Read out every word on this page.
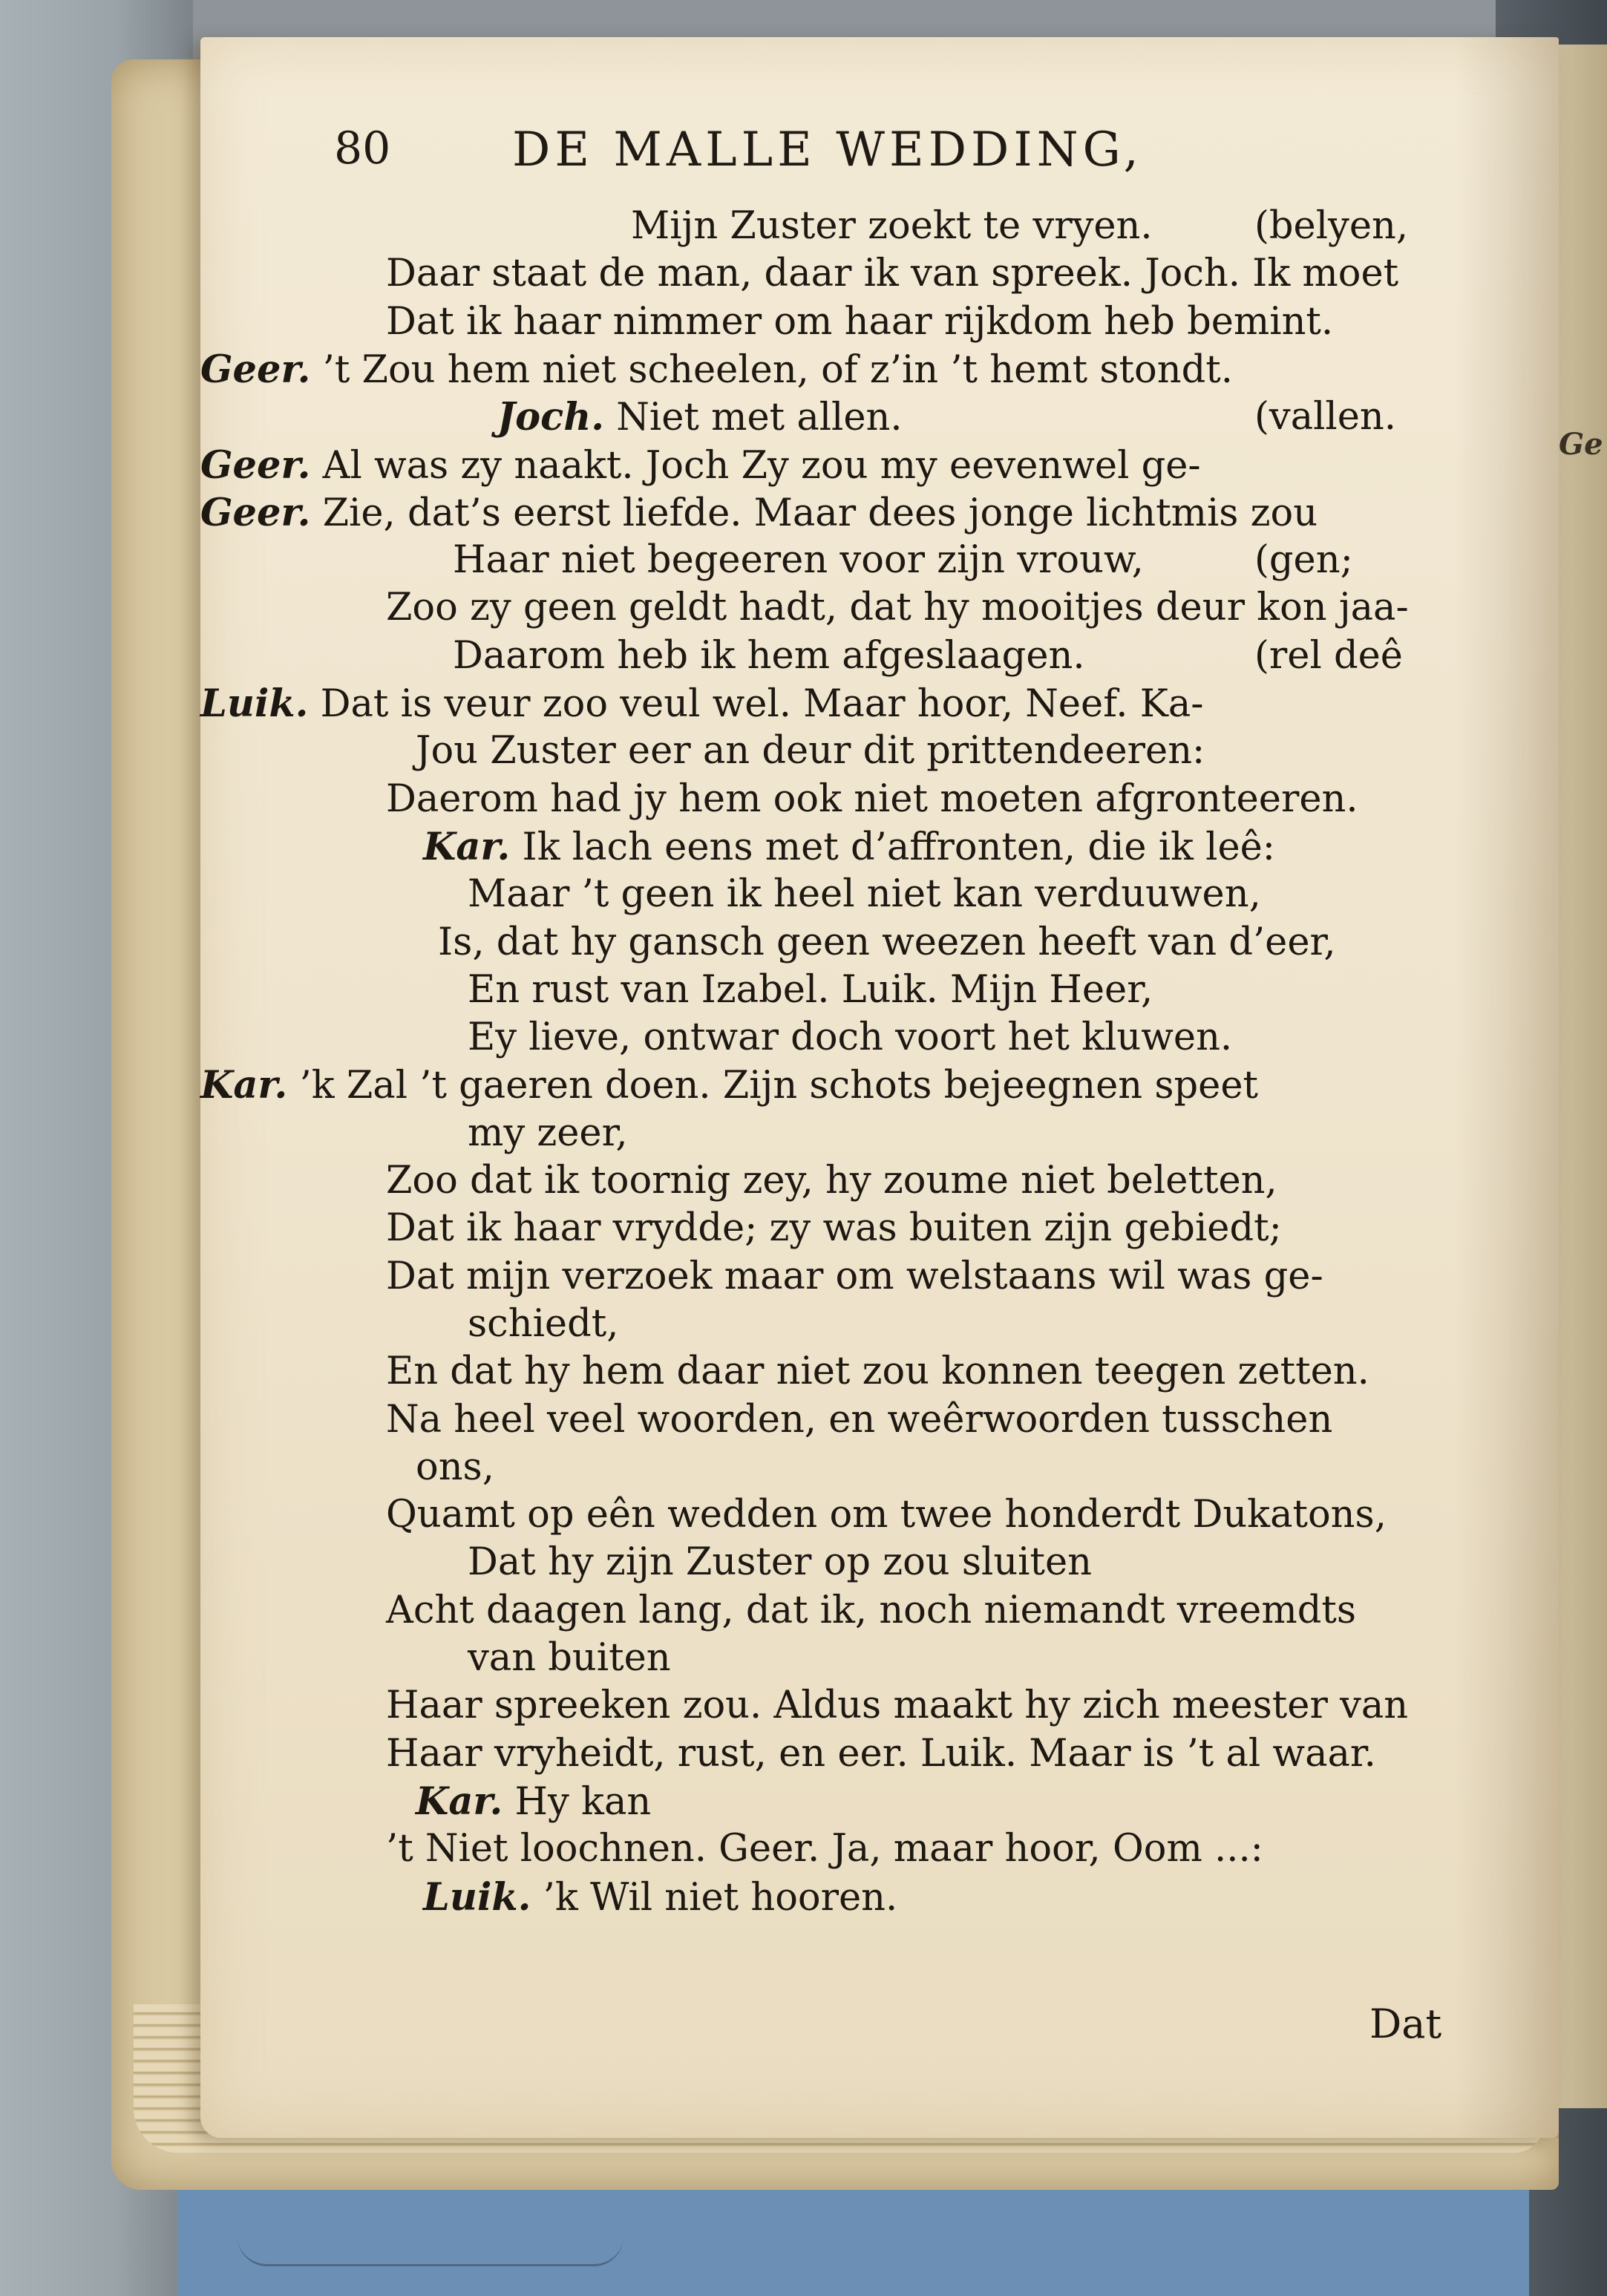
Ge
80	DE MALLE WEDDING,
Mijn Zuster zoekt te vryen.	(belyen,
Daar staat de man, daar ik van spreek. Joch. Ik moet
Dat ik haar nimmer om haar rijkdom heb bemint.
Geer. ’t Zou hem niet scheelen, of z’in ’t hemt stondt.
Joch. Niet met allen.	(vallen.
Geer. Al was zy naakt. Joch Zy zou my eevenwel ge-
Geer. Zie, dat’s eerst liefde. Maar dees jonge lichtmis zou
Haar niet begeeren voor zijn vrouw,	(gen;
Zoo zy geen geldt hadt, dat hy mooitjes deur kon jaa-
Daarom heb ik hem afgeslaagen.	(rel deê
Luik. Dat is veur zoo veul wel. Maar hoor, Neef. Ka-
Jou Zuster eer an deur dit prittendeeren:
Daerom had jy hem ook niet moeten afgronteeren.
Kar. Ik lach eens met d’affronten, die ik leê:
Maar ’t geen ik heel niet kan verduuwen,
Is, dat hy gansch geen weezen heeft van d’eer,
En rust van Izabel. Luik. Mijn Heer,
Ey lieve, ontwar doch voort het kluwen.
Kar. ’k Zal ’t gaeren doen. Zijn schots bejeegnen speet
my zeer,
Zoo dat ik toornig zey, hy zoume niet beletten,
Dat ik haar vrydde; zy was buiten zijn gebiedt;
Dat mijn verzoek maar om welstaans wil was ge-
schiedt,
En dat hy hem daar niet zou konnen teegen zetten.
Na heel veel woorden, en weêrwoorden tusschen
ons,
Quamt op eên wedden om twee honderdt Dukatons,
Dat hy zijn Zuster op zou sluiten
Acht daagen lang, dat ik, noch niemandt vreemdts
van buiten
Haar spreeken zou. Aldus maakt hy zich meester van
Haar vryheidt, rust, en eer. Luik. Maar is ’t al waar.
Kar. Hy kan
’t Niet loochnen. Geer. Ja, maar hoor, Oom ...:
Luik. ’k Wil niet hooren.
Dat
